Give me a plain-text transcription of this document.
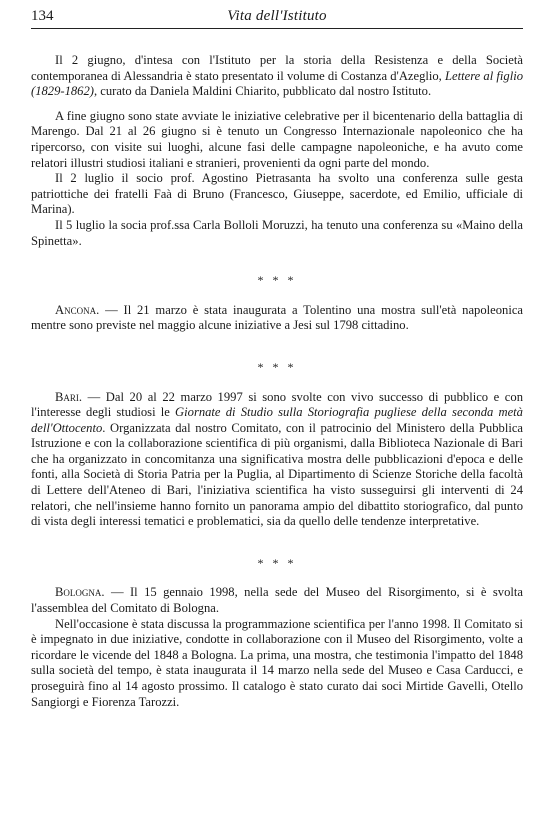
134	Vita dell'Istituto

Il 2 giugno, d'intesa con l'Istituto per la storia della Resistenza e della Società contemporanea di Alessandria è stato presentato il volume di Costanza d'Azeglio, Lettere al figlio (1829-1862), curato da Daniela Maldini Chiarito, pubblicato dal nostro Istituto.

A fine giugno sono state avviate le iniziative celebrative per il bicentenario della battaglia di Marengo. Dal 21 al 26 giugno si è tenuto un Congresso Internazionale napoleonico che ha ripercorso, con visite sui luoghi, alcune fasi delle campagne napoleoniche, e ha avuto come relatori illustri studiosi italiani e stranieri, provenienti da ogni parte del mondo.

Il 2 luglio il socio prof. Agostino Pietrasanta ha svolto una conferenza sulle gesta patriottiche dei fratelli Faà di Bruno (Francesco, Giuseppe, sacerdote, ed Emilio, ufficiale di Marina).

Il 5 luglio la socia prof.ssa Carla Bolloli Moruzzi, ha tenuto una conferenza su «Maino della Spinetta».

* * *

Ancona. — Il 21 marzo è stata inaugurata a Tolentino una mostra sull'età napoleonica mentre sono previste nel maggio alcune iniziative a Jesi sul 1798 cittadino.

* * *

Bari. — Dal 20 al 22 marzo 1997 si sono svolte con vivo successo di pubblico e con l'interesse degli studiosi le Giornate di Studio sulla Storiografia pugliese della seconda metà dell'Ottocento. Organizzata dal nostro Comitato, con il patrocinio del Ministero della Pubblica Istruzione e con la collaborazione scientifica di più organismi, dalla Biblioteca Nazionale di Bari che ha organizzato in concomitanza una significativa mostra delle pubblicazioni d'epoca e delle fonti, alla Società di Storia Patria per la Puglia, al Dipartimento di Scienze Storiche della facoltà di Lettere dell'Ateneo di Bari, l'iniziativa scientifica ha visto susseguirsi gli interventi di 24 relatori, che nell'insieme hanno fornito un panorama ampio del dibattito storiografico, dal punto di vista degli interessi tematici e problematici, sia da quello delle tendenze interpretative.

* * *

Bologna. — Il 15 gennaio 1998, nella sede del Museo del Risorgimento, si è svolta l'assemblea del Comitato di Bologna.

Nell'occasione è stata discussa la programmazione scientifica per l'anno 1998. Il Comitato si è impegnato in due iniziative, condotte in collaborazione con il Museo del Risorgimento, volte a ricordare le vicende del 1848 a Bologna. La prima, una mostra, che testimonia l'impatto del 1848 sulla società del tempo, è stata inaugurata il 14 marzo nella sede del Museo e Casa Carducci, e proseguirà fino al 14 agosto prossimo. Il catalogo è stato curato dai soci Mirtide Gavelli, Otello Sangiorgi e Fiorenza Tarozzi.
